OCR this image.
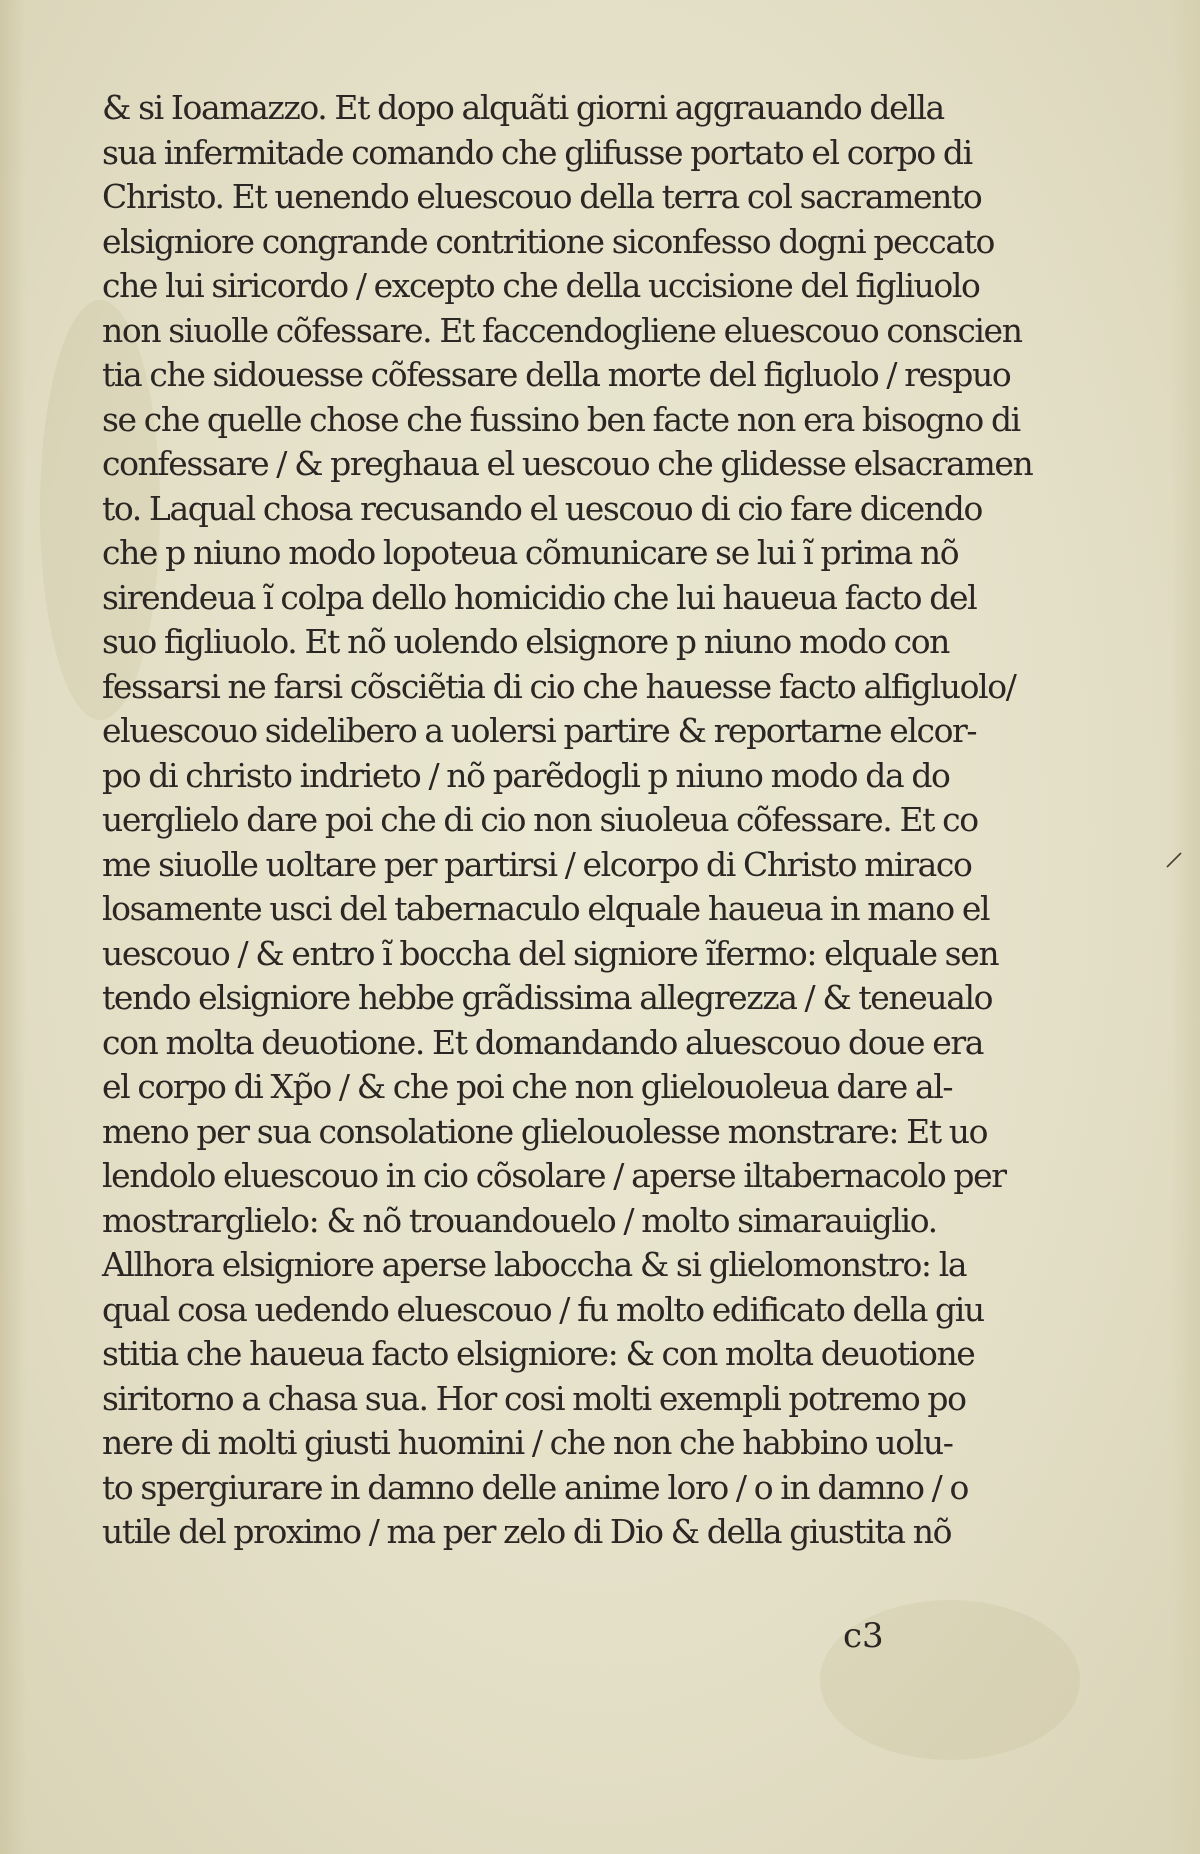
& si Ioamazzo. Et dopo alquãti giorni aggrauando della
sua infermitade comando che glifusse portato el corpo di
Christo. Et uenendo eluescouo della terra col sacramento
elsigniore congrande contritione siconfesso dogni peccato
che lui siricordo / excepto che della uccisione del figliuolo
non siuolle cõfessare. Et faccendogliene eluescouo conscien
tia che sidouesse cõfessare della morte del figluolo / respuo
se che quelle chose che fussino ben facte non era bisogno di
confessare / & preghaua el uescouo che glidesse elsacramen
to. Laqual chosa recusando el uescouo di cio fare dicendo
che p niuno modo lopoteua cõmunicare se lui ĩ prima nõ
sirendeua ĩ colpa dello homicidio che lui haueua facto del
suo figliuolo. Et nõ uolendo elsignore p niuno modo con
fessarsi ne farsi cõsciẽtia di cio che hauesse facto alfigluolo/
eluescouo sidelibero a uolersi partire & reportarne elcor-
po di christo indrieto / nõ parẽdogli p niuno modo da do
uerglielo dare poi che di cio non siuoleua cõfessare. Et co
me siuolle uoltare per partirsi / elcorpo di Christo miraco
losamente usci del tabernaculo elquale haueua in mano el
uescouo / & entro ĩ boccha del signiore ĩfermo: elquale sen
tendo elsigniore hebbe grãdissima allegrezza / & teneualo
con molta deuotione. Et domandando aluescouo doue era
el corpo di Xp̃o / & che poi che non glielouoleua dare al-
meno per sua consolatione glielouolesse monstrare: Et uo
lendolo eluescouo in cio cõsolare / aperse iltabernacolo per
mostrarglielo: & nõ trouandouelo / molto simarauiglio.
Allhora elsigniore aperse laboccha & si glielomonstro: la
qual cosa uedendo eluescouo / fu molto edificato della giu
stitia che haueua facto elsigniore: & con molta deuotione
siritorno a chasa sua. Hor cosi molti exempli potremo po
nere di molti giusti huomini / che non che habbino uolu-
to spergiurare in damno delle anime loro / o in damno / o
utile del proximo / ma per zelo di Dio & della giustita nõ
c3
